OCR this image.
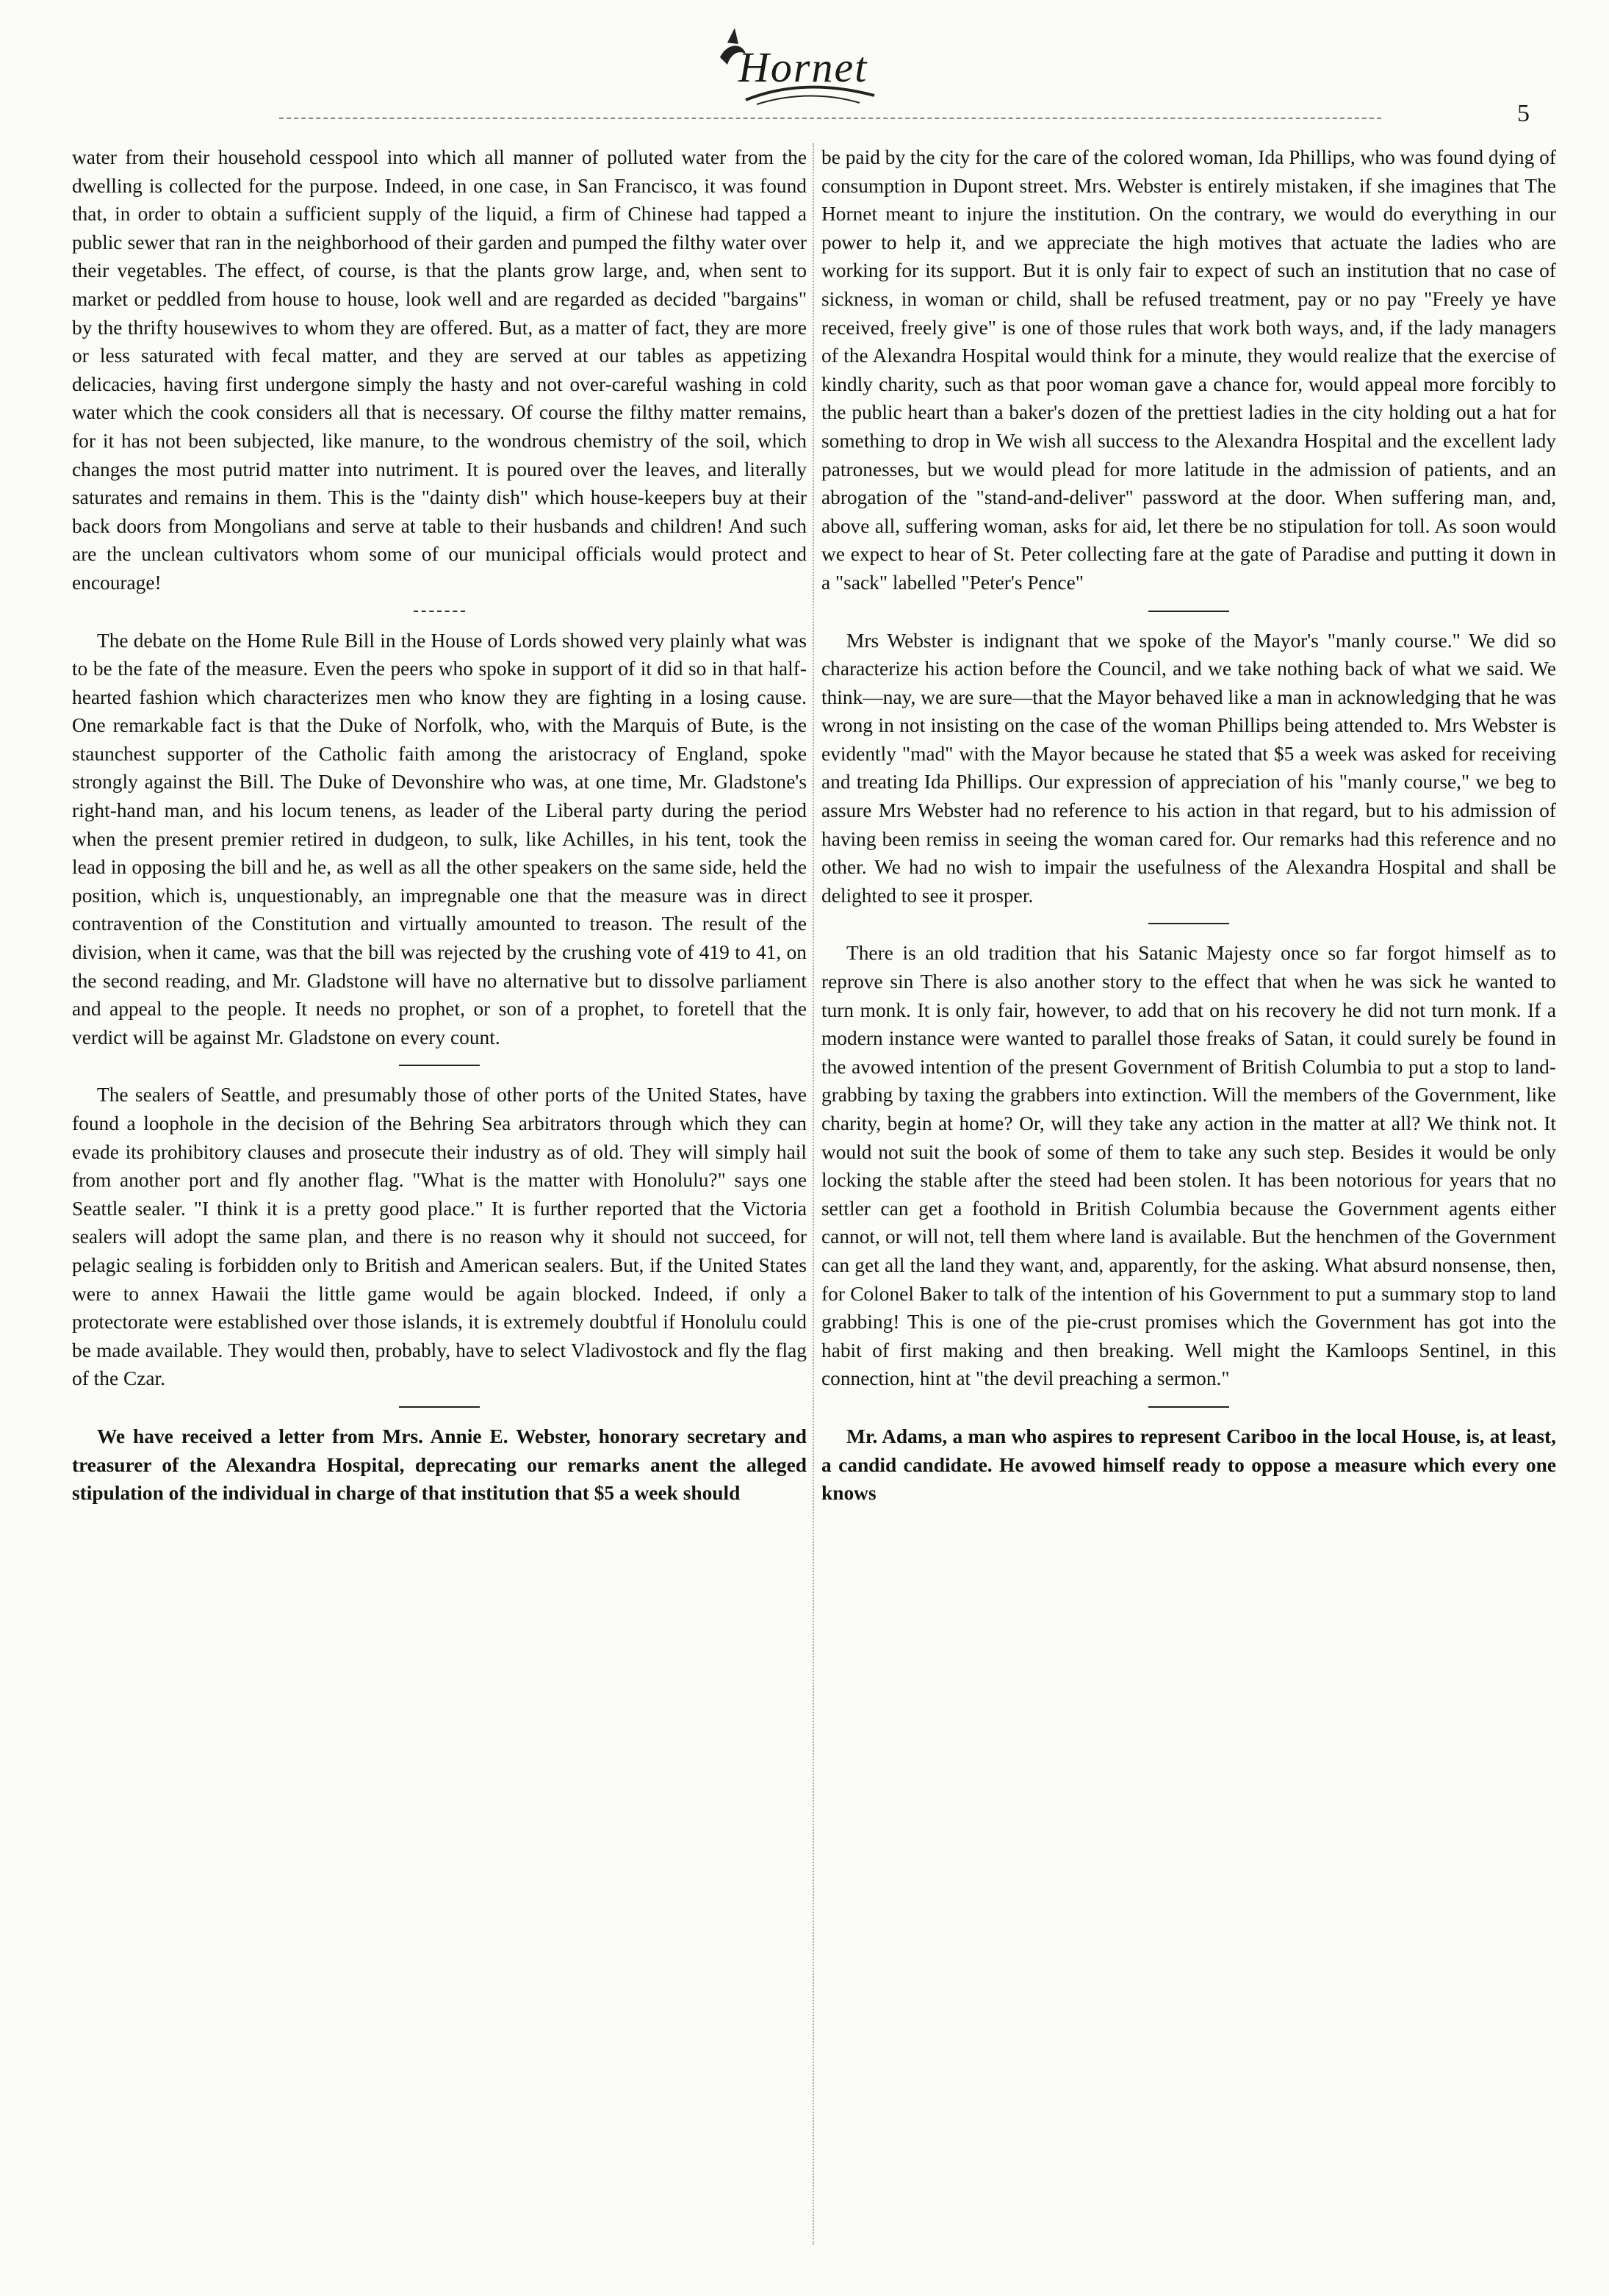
Hornet
5

water from their household cesspool into which all manner of polluted water from the dwelling is collected for the purpose. Indeed, in one case, in San Francisco, it was found that, in order to obtain a sufficient supply of the liquid, a firm of Chinese had tapped a public sewer that ran in the neighborhood of their garden and pumped the filthy water over their vegetables. The effect, of course, is that the plants grow large, and, when sent to market or peddled from house to house, look well and are regarded as decided "bargains" by the thrifty housewives to whom they are offered. But, as a matter of fact, they are more or less saturated with fecal matter, and they are served at our tables as appetizing delicacies, having first undergone simply the hasty and not over-careful washing in cold water which the cook considers all that is necessary. Of course the filthy matter remains, for it has not been subjected, like manure, to the wondrous chemistry of the soil, which changes the most putrid matter into nutriment. It is poured over the leaves, and literally saturates and remains in them. This is the "dainty dish" which house-keepers buy at their back doors from Mongolians and serve at table to their husbands and children! And such are the unclean cultivators whom some of our municipal officials would protect and encourage!

The debate on the Home Rule Bill in the House of Lords showed very plainly what was to be the fate of the measure. Even the peers who spoke in support of it did so in that half-hearted fashion which characterizes men who know they are fighting in a losing cause. One remarkable fact is that the Duke of Norfolk, who, with the Marquis of Bute, is the staunchest supporter of the Catholic faith among the aristocracy of England, spoke strongly against the Bill. The Duke of Devonshire who was, at one time, Mr. Gladstone's right-hand man, and his locum tenens, as leader of the Liberal party during the period when the present premier retired in dudgeon, to sulk, like Achilles, in his tent, took the lead in opposing the bill and he, as well as all the other speakers on the same side, held the position, which is, unquestionably, an impregnable one that the measure was in direct contravention of the Constitution and virtually amounted to treason. The result of the division, when it came, was that the bill was rejected by the crushing vote of 419 to 41, on the second reading, and Mr. Gladstone will have no alternative but to dissolve parliament and appeal to the people. It needs no prophet, or son of a prophet, to foretell that the verdict will be against Mr. Gladstone on every count.

The sealers of Seattle, and presumably those of other ports of the United States, have found a loophole in the decision of the Behring Sea arbitrators through which they can evade its prohibitory clauses and prosecute their industry as of old. They will simply hail from another port and fly another flag. "What is the matter with Honolulu?" says one Seattle sealer. "I think it is a pretty good place." It is further reported that the Victoria sealers will adopt the same plan, and there is no reason why it should not succeed, for pelagic sealing is forbidden only to British and American sealers. But, if the United States were to annex Hawaii the little game would be again blocked. Indeed, if only a protectorate were established over those islands, it is extremely doubtful if Honolulu could be made available. They would then, probably, have to select Vladivostock and fly the flag of the Czar.

We have received a letter from Mrs. Annie E. Webster, honorary secretary and treasurer of the Alexandra Hospital, deprecating our remarks anent the alleged stipulation of the individual in charge of that institution that $5 a week should

be paid by the city for the care of the colored woman, Ida Phillips, who was found dying of consumption in Dupont street. Mrs. Webster is entirely mistaken, if she imagines that The Hornet meant to injure the institution. On the contrary, we would do everything in our power to help it, and we appreciate the high motives that actuate the ladies who are working for its support. But it is only fair to expect of such an institution that no case of sickness, in woman or child, shall be refused treatment, pay or no pay "Freely ye have received, freely give" is one of those rules that work both ways, and, if the lady managers of the Alexandra Hospital would think for a minute, they would realize that the exercise of kindly charity, such as that poor woman gave a chance for, would appeal more forcibly to the public heart than a baker's dozen of the prettiest ladies in the city holding out a hat for something to drop in We wish all success to the Alexandra Hospital and the excellent lady patronesses, but we would plead for more latitude in the admission of patients, and an abrogation of the "stand-and-deliver" password at the door. When suffering man, and, above all, suffering woman, asks for aid, let there be no stipulation for toll. As soon would we expect to hear of St. Peter collecting fare at the gate of Paradise and putting it down in a "sack" labelled "Peter's Pence"

Mrs Webster is indignant that we spoke of the Mayor's "manly course." We did so characterize his action before the Council, and we take nothing back of what we said. We think—nay, we are sure—that the Mayor behaved like a man in acknowledging that he was wrong in not insisting on the case of the woman Phillips being attended to. Mrs Webster is evidently "mad" with the Mayor because he stated that $5 a week was asked for receiving and treating Ida Phillips. Our expression of appreciation of his "manly course," we beg to assure Mrs Webster had no reference to his action in that regard, but to his admission of having been remiss in seeing the woman cared for. Our remarks had this reference and no other. We had no wish to impair the usefulness of the Alexandra Hospital and shall be delighted to see it prosper.

There is an old tradition that his Satanic Majesty once so far forgot himself as to reprove sin There is also another story to the effect that when he was sick he wanted to turn monk. It is only fair, however, to add that on his recovery he did not turn monk. If a modern instance were wanted to parallel those freaks of Satan, it could surely be found in the avowed intention of the present Government of British Columbia to put a stop to land-grabbing by taxing the grabbers into extinction. Will the members of the Government, like charity, begin at home? Or, will they take any action in the matter at all? We think not. It would not suit the book of some of them to take any such step. Besides it would be only locking the stable after the steed had been stolen. It has been notorious for years that no settler can get a foothold in British Columbia because the Government agents either cannot, or will not, tell them where land is available. But the henchmen of the Government can get all the land they want, and, apparently, for the asking. What absurd nonsense, then, for Colonel Baker to talk of the intention of his Government to put a summary stop to land grabbing! This is one of the pie-crust promises which the Government has got into the habit of first making and then breaking. Well might the Kamloops Sentinel, in this connection, hint at "the devil preaching a sermon."

Mr. Adams, a man who aspires to represent Cariboo in the local House, is, at least, a candid candidate. He avowed himself ready to oppose a measure which every one knows
